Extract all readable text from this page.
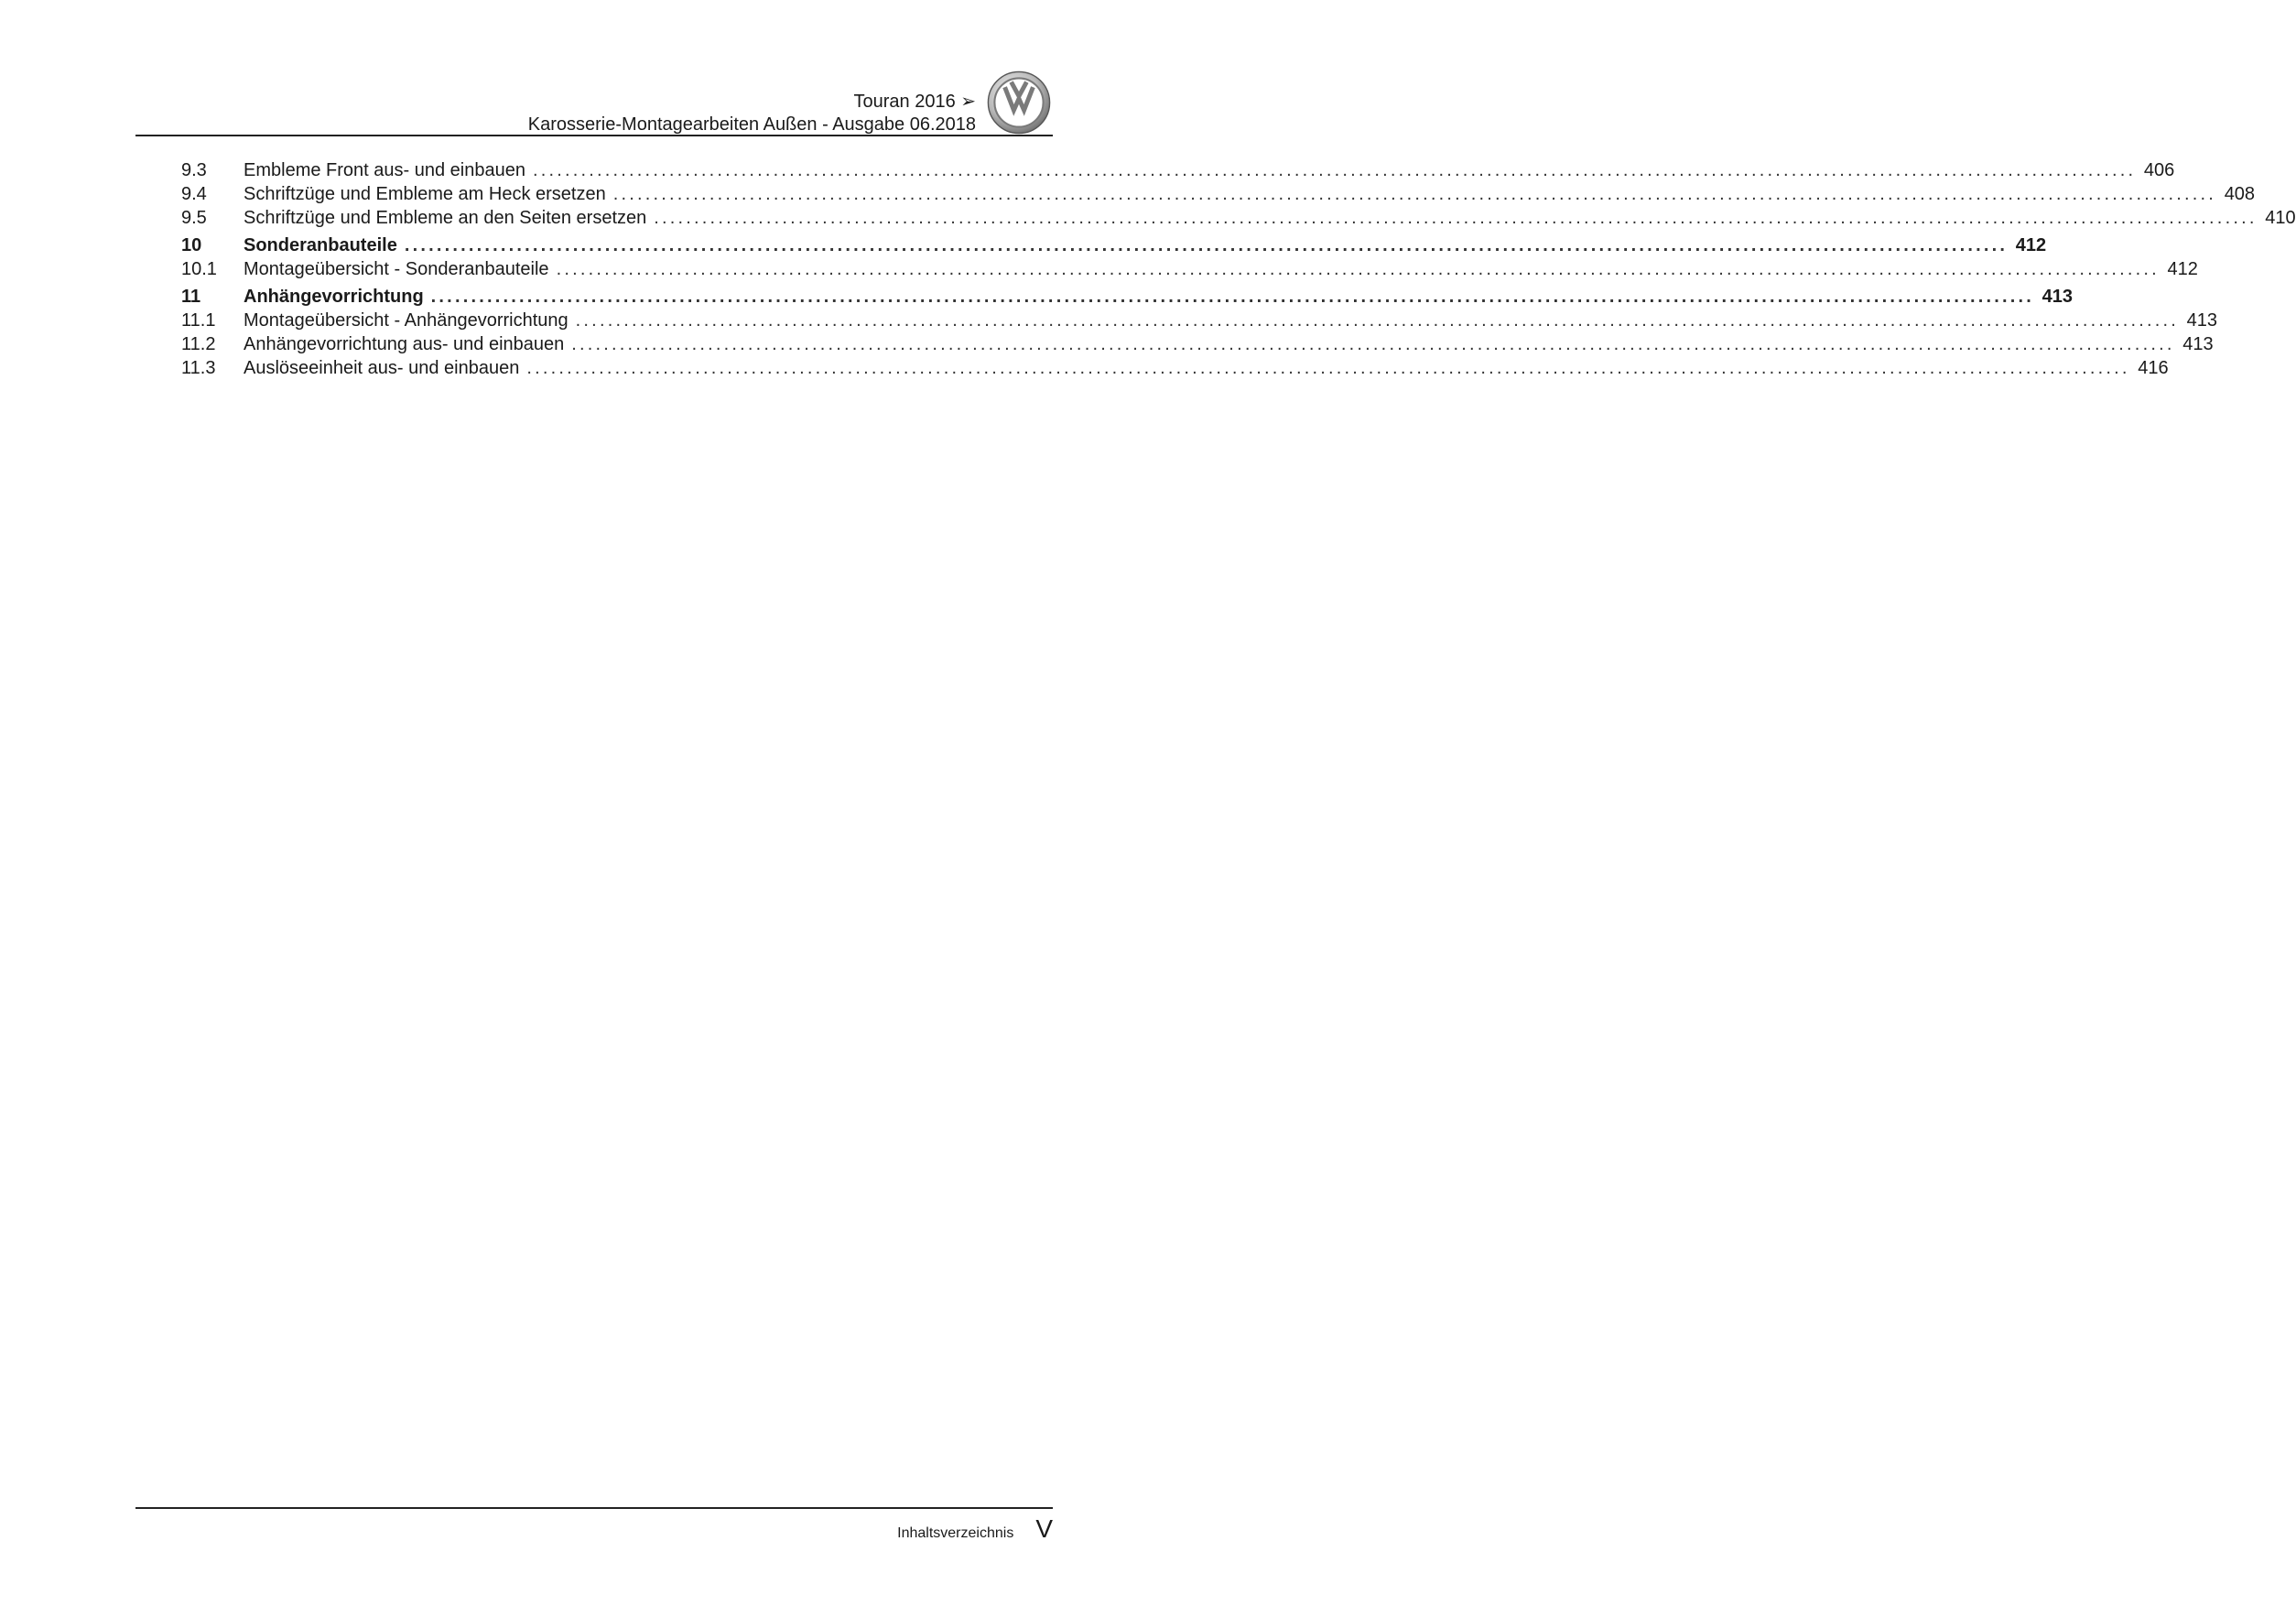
Touran 2016 ➢
Karosserie-Montagearbeiten Außen - Ausgabe 06.2018
9.3	Embleme Front aus- und einbauen ........................................................................................................................................................................................................ 406
9.4	Schriftzüge und Embleme am Heck ersetzen ........................................................................................................................................................................................................ 408
9.5	Schriftzüge und Embleme an den Seiten ersetzen ........................................................................................................................................................................................................ 410
10	Sonderanbauteile ........................................................................................................................................................................................................ 412
10.1	Montageübersicht - Sonderanbauteile ........................................................................................................................................................................................................ 412
11	Anhängevorrichtung ........................................................................................................................................................................................................ 413
11.1	Montageübersicht - Anhängevorrichtung ........................................................................................................................................................................................................ 413
11.2	Anhängevorrichtung aus- und einbauen ........................................................................................................................................................................................................ 413
11.3	Auslöseeinheit aus- und einbauen ........................................................................................................................................................................................................ 416
Inhaltsverzeichnis V
